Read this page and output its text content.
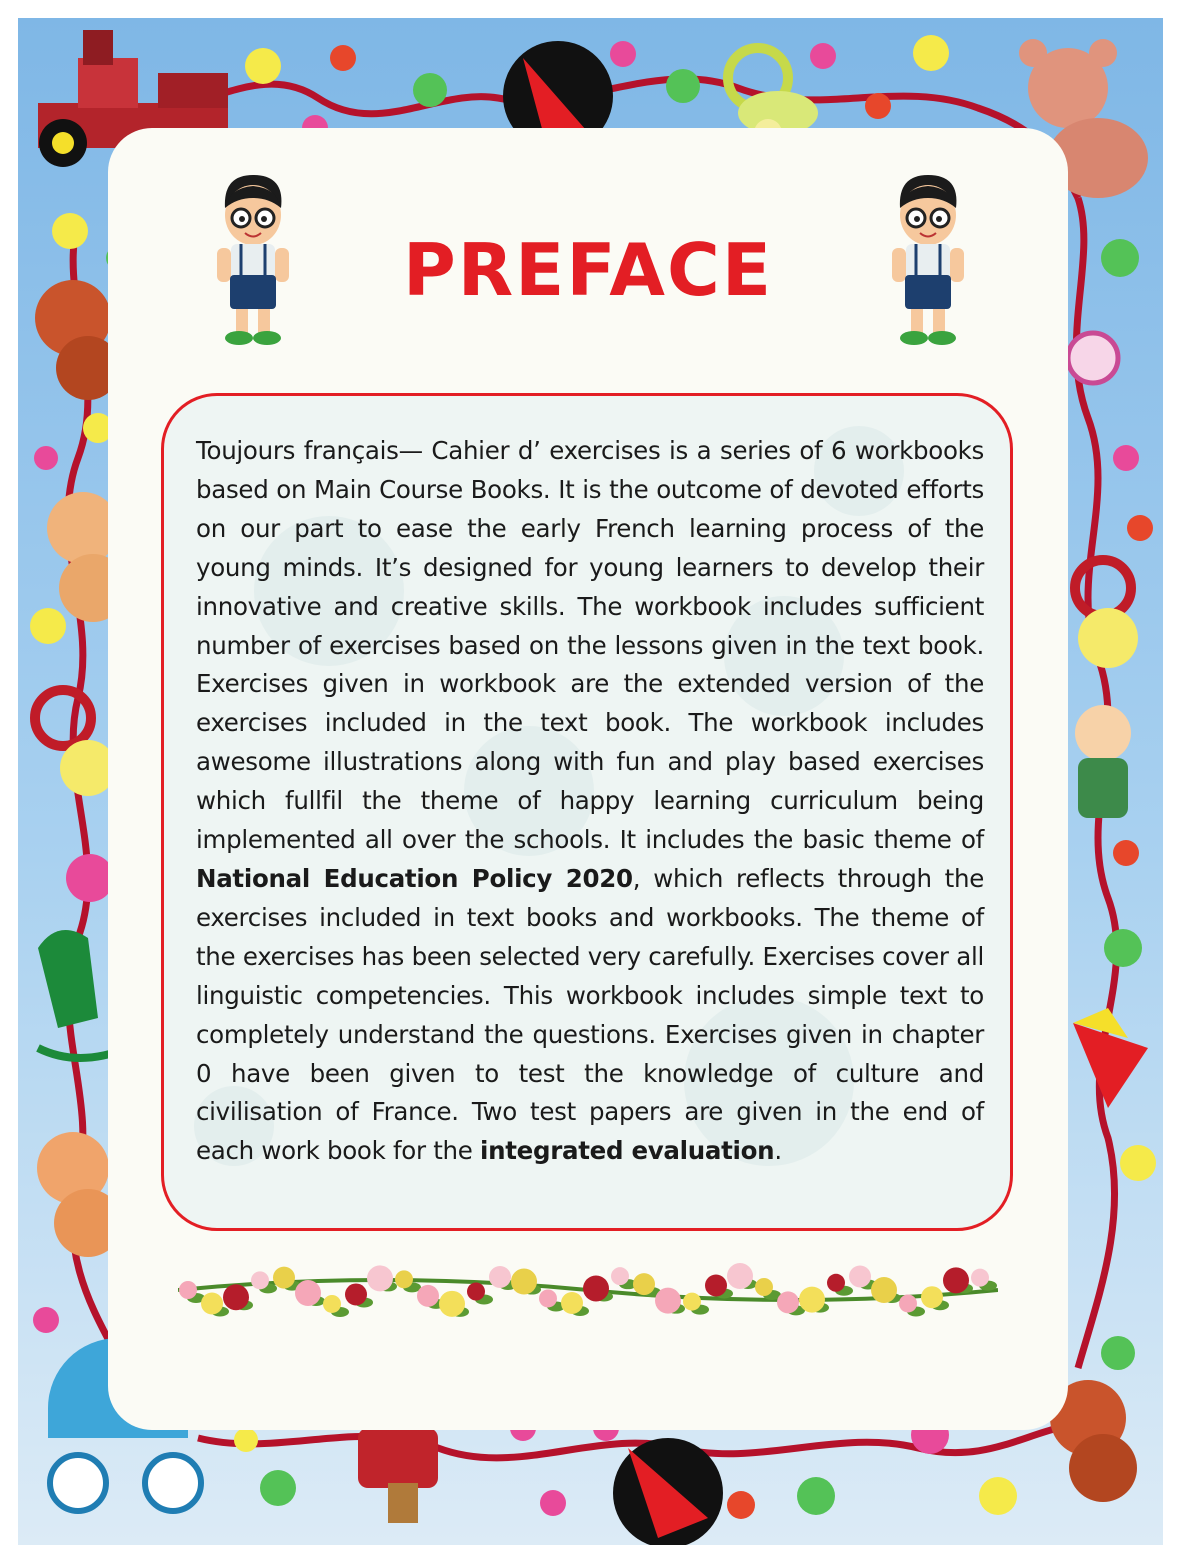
PREFACE

Toujours français— Cahier d’ exercises is a series of 6 workbooks based on Main Course Books. It is the outcome of devoted efforts on our part to ease the early French learning process of the young minds. It’s designed for young learners to develop their innovative and creative skills. The workbook includes sufficient number of exercises based on the lessons given in the text book. Exercises given in workbook are the extended version of the exercises included in the text book. The workbook includes awesome illustrations along with fun and play based exercises which fullfil the theme of happy learning curriculum being implemented all over the schools. It includes the basic theme of National Education Policy 2020, which reflects through the exercises included in text books and workbooks. The theme of the exercises has been selected very carefully. Exercises cover all linguistic competencies. This workbook includes simple text to completely understand the questions. Exercises given in chapter 0 have been given to test the knowledge of culture and civilisation of France. Two test papers are given in the end of each work book for the integrated evaluation.
